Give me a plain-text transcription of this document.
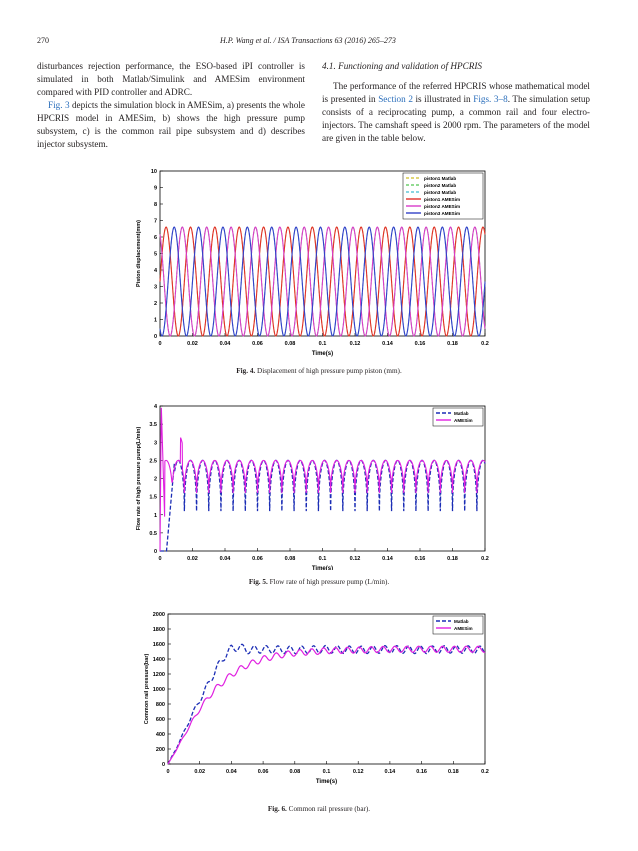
270	H.P. Wang et al. / ISA Transactions 63 (2016) 265–273

disturbances rejection performance, the ESO-based iPI controller is simulated in both Matlab/Simulink and AMESim environment compared with PID controller and ADRC.

Fig. 3 depicts the simulation block in AMESim, a) presents the whole HPCRIS model in AMESim, b) shows the high pressure pump subsystem, c) is the common rail pipe subsystem and d) describes injector subsystem.

4.1. Functioning and validation of HPCRIS

The performance of the referred HPCRIS whose mathematical model is presented in Section 2 is illustrated in Figs. 3–8. The simulation setup consists of a reciprocating pump, a common rail and four electro-injectors. The camshaft speed is 2000 rpm. The parameters of the model are given in the table below.

0	0.02	0.04	0.06	0.08	0.1	0.12	0.14	0.16	0.18	0.2
0
1
2
3
4
5
6
7
8
9
10
Time(s)
Piston displacement(mm)
piston1 Matlab
piston2 Matlab
piston3 Matlab
piston1 AMESim
piston2 AMESim
piston3 AMESim
Fig. 4. Displacement of high pressure pump piston (mm).
0	0.02	0.04	0.06	0.08	0.1	0.12	0.14	0.16	0.18	0.2
0
0.5
1
1.5
2
2.5
3
3.5
4
Time(s)
Flow rate of high pressure pump(L/min)
Matlab
AMESim
Fig. 5. Flow rate of high pressure pump (L/min).
0	0.02	0.04	0.06	0.08	0.1	0.12	0.14	0.16	0.18	0.2
0
200
400
600
800
1000
1200
1400
1600
1800
2000
Time(s)
Common rail pressure(bar)
Matlab
AMESim
Fig. 6. Common rail pressure (bar).
